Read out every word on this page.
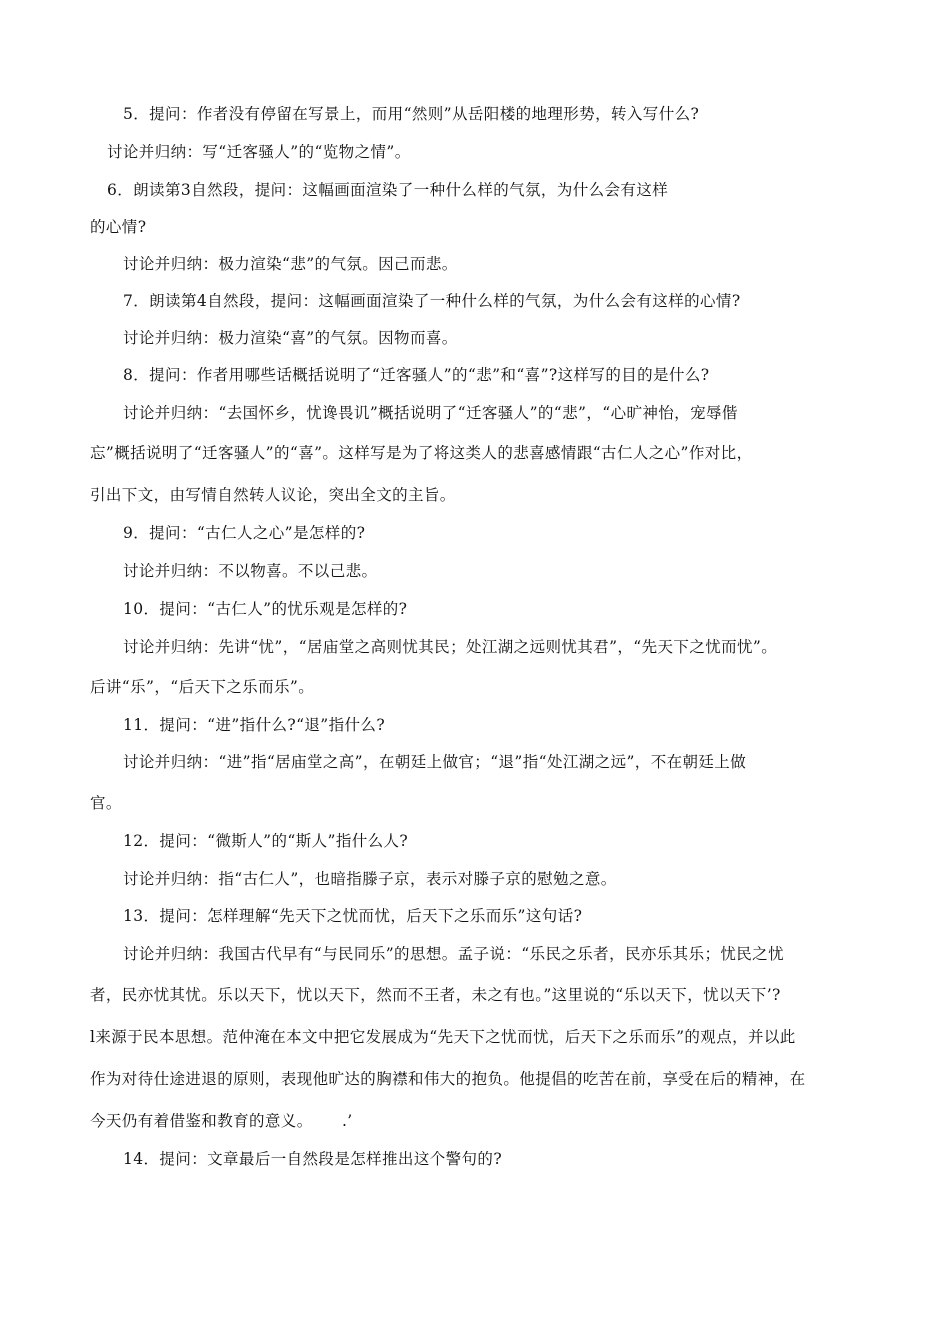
5．提问：作者没有停留在写景上，而用“然则”从岳阳楼的地理形势，转入写什么?

讨论并归纳：写“迁客骚人”的“览物之情”。

6．朗读第3自然段，提问：这幅画面渲染了一种什么样的气氛，为什么会有这样

的心情?

讨论并归纳：极力渲染“悲”的气氛。因己而悲。

7．朗读第4自然段，提问：这幅画面渲染了一种什么样的气氛，为什么会有这样的心情?

讨论并归纳：极力渲染“喜”的气氛。因物而喜。

8．提问：作者用哪些话概括说明了“迁客骚人”的“悲”和“喜”?这样写的目的是什么?

讨论并归纳：“去国怀乡，忧谗畏讥”概括说明了“迁客骚人”的“悲”，“心旷神怡，宠辱偕

忘”概括说明了“迁客骚人”的“喜”。这样写是为了将这类人的悲喜感情跟“古仁人之心”作对比，

引出下文，由写情自然转人议论，突出全文的主旨。

9．提问：“古仁人之心”是怎样的?

讨论并归纳：不以物喜。不以己悲。

10．提问：“古仁人”的忧乐观是怎样的?

讨论并归纳：先讲“忧”，“居庙堂之高则忧其民；处江湖之远则忧其君”，“先天下之忧而忧”。

后讲“乐”，“后天下之乐而乐”。

11．提问：“进”指什么?“退”指什么?

讨论并归纳：“进”指“居庙堂之高”，在朝廷上做官；“退”指“处江湖之远”，不在朝廷上做

官。

12．提问：“微斯人”的“斯人”指什么人?

讨论并归纳：指“古仁人”，也暗指滕子京，表示对滕子京的慰勉之意。

13．提问：怎样理解“先天下之忧而忧，后天下之乐而乐”这句话?

讨论并归纳：我国古代早有“与民同乐”的思想。孟子说：“乐民之乐者，民亦乐其乐；忧民之忧

者，民亦忧其忧。乐以天下，忧以天下，然而不王者，未之有也。”这里说的“乐以天下，忧以天下’?

l来源于民本思想。范仲淹在本文中把它发展成为“先天下之忧而忧，后天下之乐而乐”的观点，并以此

作为对待仕途进退的原则，表现他旷达的胸襟和伟大的抱负。他提倡的吃苦在前，享受在后的精神，在

今天仍有着借鉴和教育的意义。　　 .’

14．提问：文章最后一自然段是怎样推出这个警句的?
